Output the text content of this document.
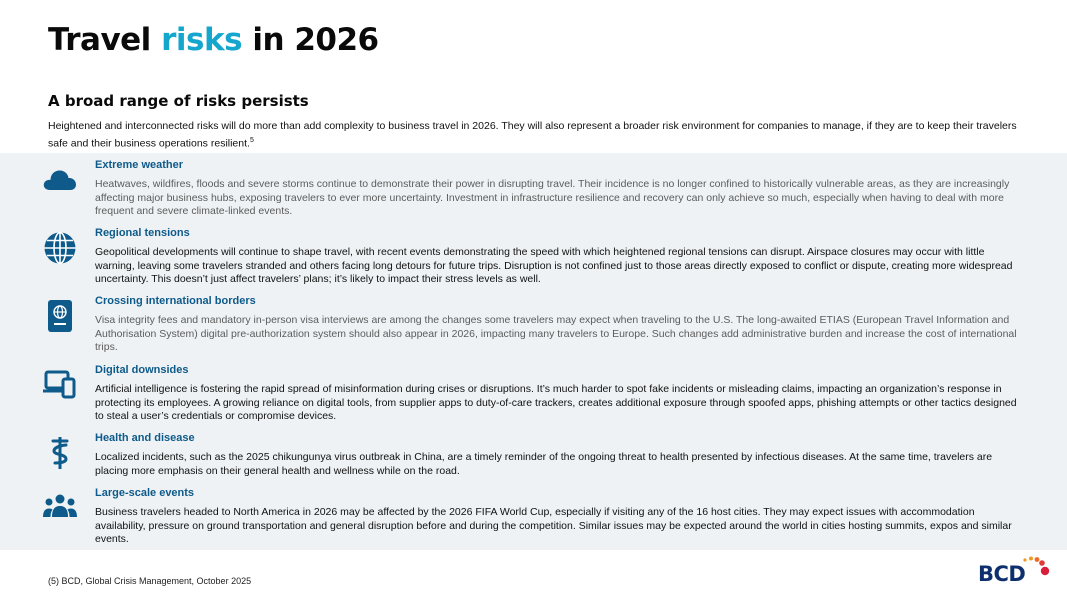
Travel risks in 2026
A broad range of risks persists

Heightened and interconnected risks will do more than add complexity to business travel in 2026. They will also represent a broader risk environment for companies to manage, if they are to keep their travelers safe and their business operations resilient.$^5$

Extreme weather

Heatwaves, wildfires, floods and severe storms continue to demonstrate their power in disrupting travel. Their incidence is no longer confined to historically vulnerable areas, as they are increasingly affecting major business hubs, exposing travelers to ever more uncertainty. Investment in infrastructure resilience and recovery can only achieve so much, especially when having to deal with more frequent and severe climate-linked events.

Regional tensions

Geopolitical developments will continue to shape travel, with recent events demonstrating the speed with which heightened regional tensions can disrupt. Airspace closures may occur with little warning, leaving some travelers stranded and others facing long detours for future trips. Disruption is not confined just to those areas directly exposed to conflict or dispute, creating more widespread uncertainty. This doesn’t just affect travelers’ plans; it’s likely to impact their stress levels as well.

Crossing international borders

Visa integrity fees and mandatory in-person visa interviews are among the changes some travelers may expect when traveling to the U.S. The long-awaited ETIAS (European Travel Information and Authorisation System) digital pre-authorization system should also appear in 2026, impacting many travelers to Europe. Such changes add administrative burden and increase the cost of international trips.

Digital downsides

Artificial intelligence is fostering the rapid spread of misinformation during crises or disruptions. It’s much harder to spot fake incidents or misleading claims, impacting an organization’s response in protecting its employees. A growing reliance on digital tools, from supplier apps to duty-of-care trackers, creates additional exposure through spoofed apps, phishing attempts or other tactics designed to steal a user’s credentials or compromise devices.

Health and disease

Localized incidents, such as the 2025 chikungunya virus outbreak in China, are a timely reminder of the ongoing threat to health presented by infectious diseases. At the same time, travelers are placing more emphasis on their general health and wellness while on the road.

Large-scale events

Business travelers headed to North America in 2026 may be affected by the 2026 FIFA World Cup, especially if visiting any of the 16 host cities. They may expect issues with accommodation availability, pressure on ground transportation and general disruption before and during the competition. Similar issues may be expected around the world in cities hosting summits, expos and similar events.

(5) BCD, Global Crisis Management, October 2025	BCD
